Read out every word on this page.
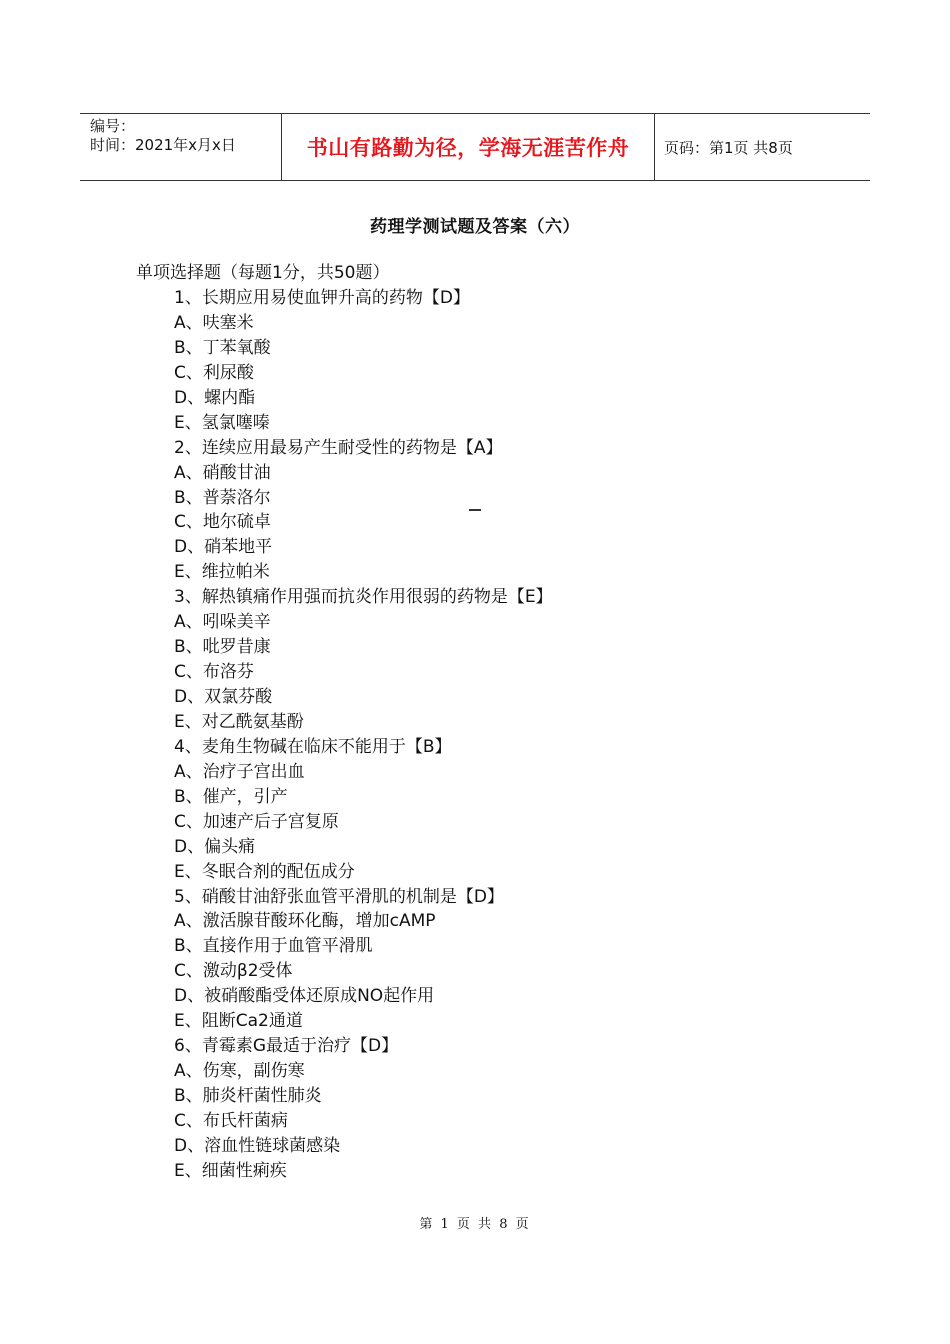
编号：
时间：2021年x月x日	书山有路勤为径，学海无涯苦作舟	页码：第1页 共8页
药理学测试题及答案（六）
单项选择题（每题1分，共50题）
1、长期应用易使血钾升高的药物【D】
A、呋塞米
B、丁苯氧酸
C、利尿酸
D、螺内酯
E、氢氯噻嗪
2、连续应用最易产生耐受性的药物是【A】
A、硝酸甘油
B、普萘洛尔
C、地尔硫卓
D、硝苯地平
E、维拉帕米
3、解热镇痛作用强而抗炎作用很弱的药物是【E】
A、吲哚美辛
B、吡罗昔康
C、布洛芬
D、双氯芬酸
E、对乙酰氨基酚
4、麦角生物碱在临床不能用于【B】
A、治疗子宫出血
B、催产，引产
C、加速产后子宫复原
D、偏头痛
E、冬眠合剂的配伍成分
5、硝酸甘油舒张血管平滑肌的机制是【D】
A、激活腺苷酸环化酶，增加cAMP
B、直接作用于血管平滑肌
C、激动β2受体
D、被硝酸酯受体还原成NO起作用
E、阻断Ca2通道
6、青霉素G最适于治疗【D】
A、伤寒，副伤寒
B、肺炎杆菌性肺炎
C、布氏杆菌病
D、溶血性链球菌感染
E、细菌性痢疾
第 1 页 共 8 页
